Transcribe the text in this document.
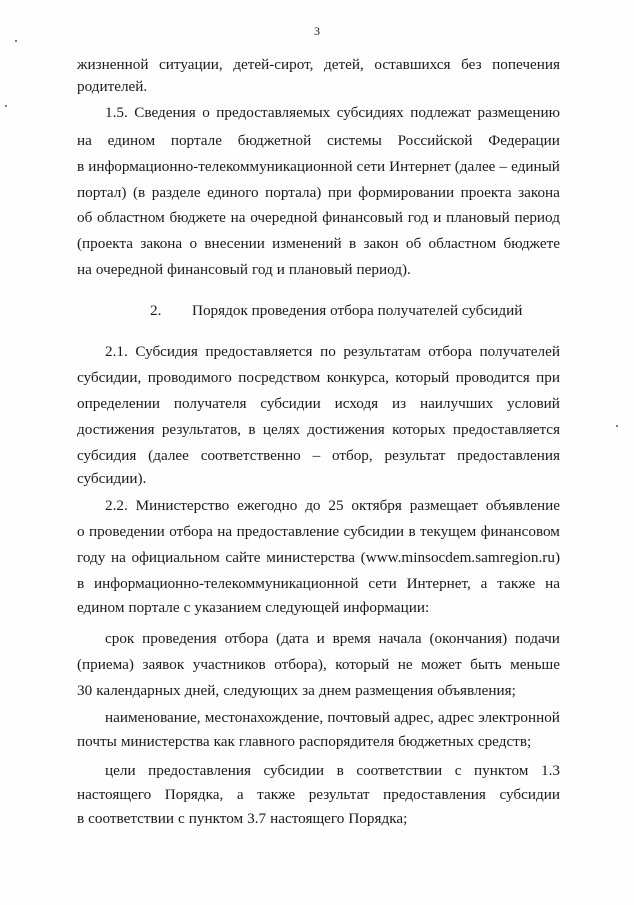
3
2. Порядок проведения отбора получателей субсидий
жизненной ситуации, детей-сирот, детей, оставшихся без попечения
родителей.
1.5. Сведения о предоставляемых субсидиях подлежат размещению
на едином портале бюджетной системы Российской Федерации
в информационно-телекоммуникационной сети Интернет (далее – единый
портал) (в разделе единого портала) при формировании проекта закона
об областном бюджете на очередной финансовый год и плановый период
(проекта закона о внесении изменений в закон об областном бюджете
на очередной финансовый год и плановый период).
2.1. Субсидия предоставляется по результатам отбора получателей
субсидии, проводимого посредством конкурса, который проводится при
определении получателя субсидии исходя из наилучших условий
достижения результатов, в целях достижения которых предоставляется
субсидия (далее соответственно – отбор, результат предоставления
субсидии).
2.2. Министерство ежегодно до 25 октября размещает объявление
о проведении отбора на предоставление субсидии в текущем финансовом
году на официальном сайте министерства (www.minsocdem.samregion.ru)
в информационно-телекоммуникационной сети Интернет, а также на
едином портале с указанием следующей информации:
срок проведения отбора (дата и время начала (окончания) подачи
(приема) заявок участников отбора), который не может быть меньше
30 календарных дней, следующих за днем размещения объявления;
наименование, местонахождение, почтовый адрес, адрес электронной
почты министерства как главного распорядителя бюджетных средств;
цели предоставления субсидии в соответствии с пунктом 1.3
настоящего Порядка, а также результат предоставления субсидии
в соответствии с пунктом 3.7 настоящего Порядка;
